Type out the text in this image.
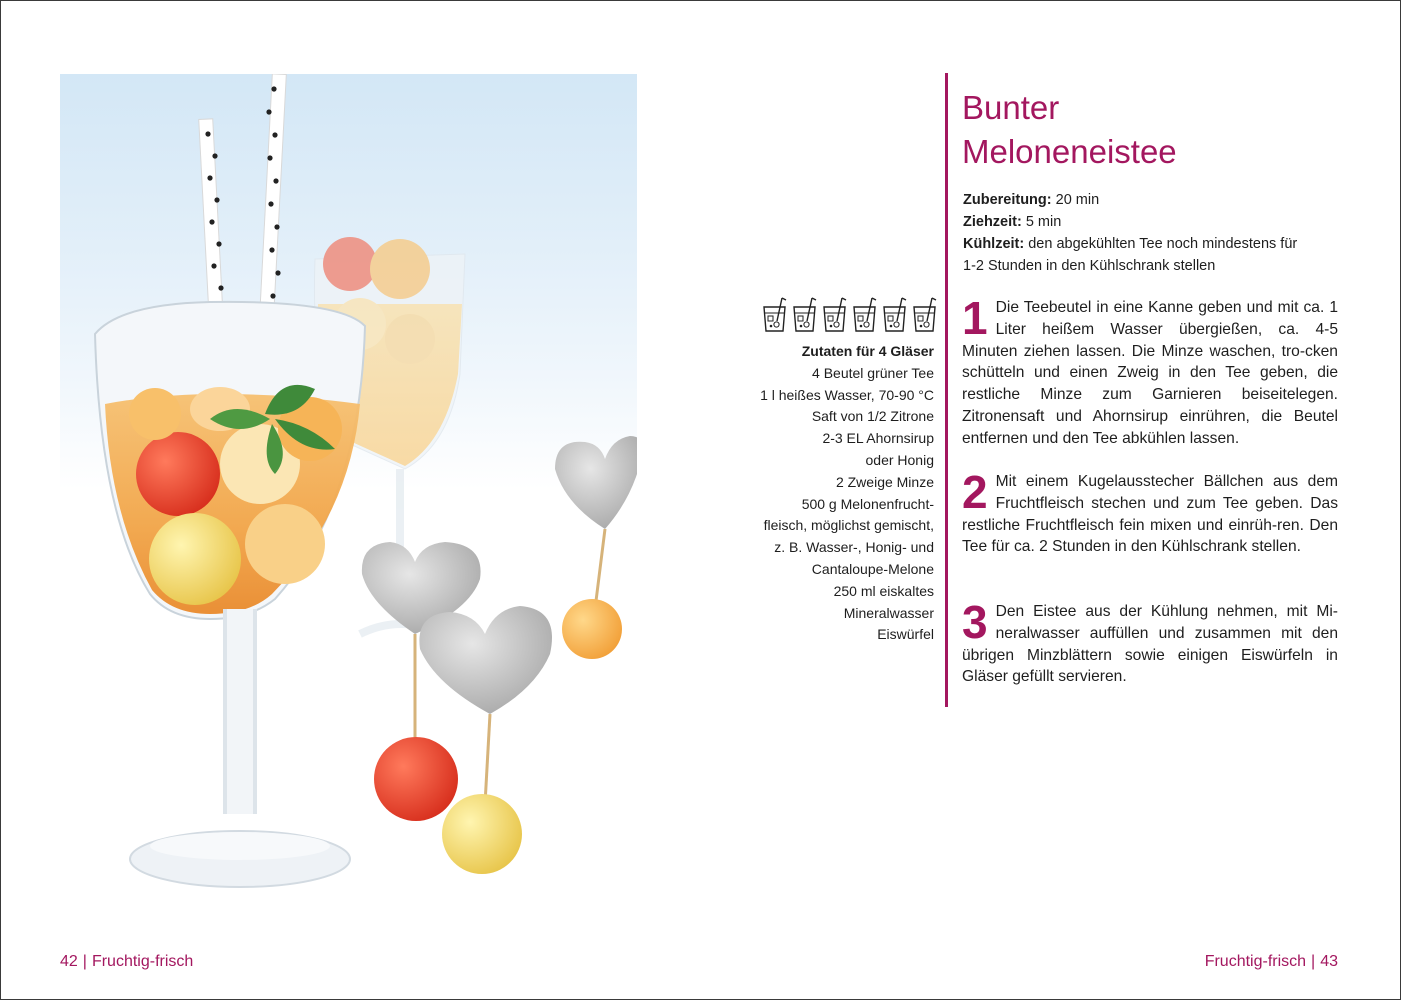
42 | Fruchtig-frisch
Bunter
Meloneneistee
Zubereitung: 20 min
Ziehzeit: 5 min
Kühlzeit: den abgekühlten Tee noch mindestens für
1-2 Stunden in den Kühlschrank stellen
Zutaten für 4 Gläser
4 Beutel grüner Tee
1 l heißes Wasser, 70-90 °C
Saft von 1/2 Zitrone
2-3 EL Ahornsirup
oder Honig
2 Zweige Minze
500 g Melonenfrucht-
fleisch, möglichst gemischt,
z. B. Wasser-, Honig- und
Cantaloupe-Melone
250 ml eiskaltes
Mineralwasser
Eiswürfel
1 Die Teebeutel in eine Kanne geben und mit ca. 1 Liter heißem Wasser übergießen, ca. 4-5 Minuten ziehen lassen. Die Minze waschen, tro-cken schütteln und einen Zweig in den Tee geben, die restliche Minze zum Garnieren beiseitelegen. Zitronensaft und Ahornsirup einrühren, die Beutel entfernen und den Tee abkühlen lassen.
2 Mit einem Kugelausstecher Bällchen aus dem Fruchtfleisch stechen und zum Tee geben. Das restliche Fruchtfleisch fein mixen und einrüh-ren. Den Tee für ca. 2 Stunden in den Kühlschrank stellen.
3 Den Eistee aus der Kühlung nehmen, mit Mi-neralwasser auffüllen und zusammen mit den übrigen Minzblättern sowie einigen Eiswürfeln in Gläser gefüllt servieren.
Fruchtig-frisch | 43
